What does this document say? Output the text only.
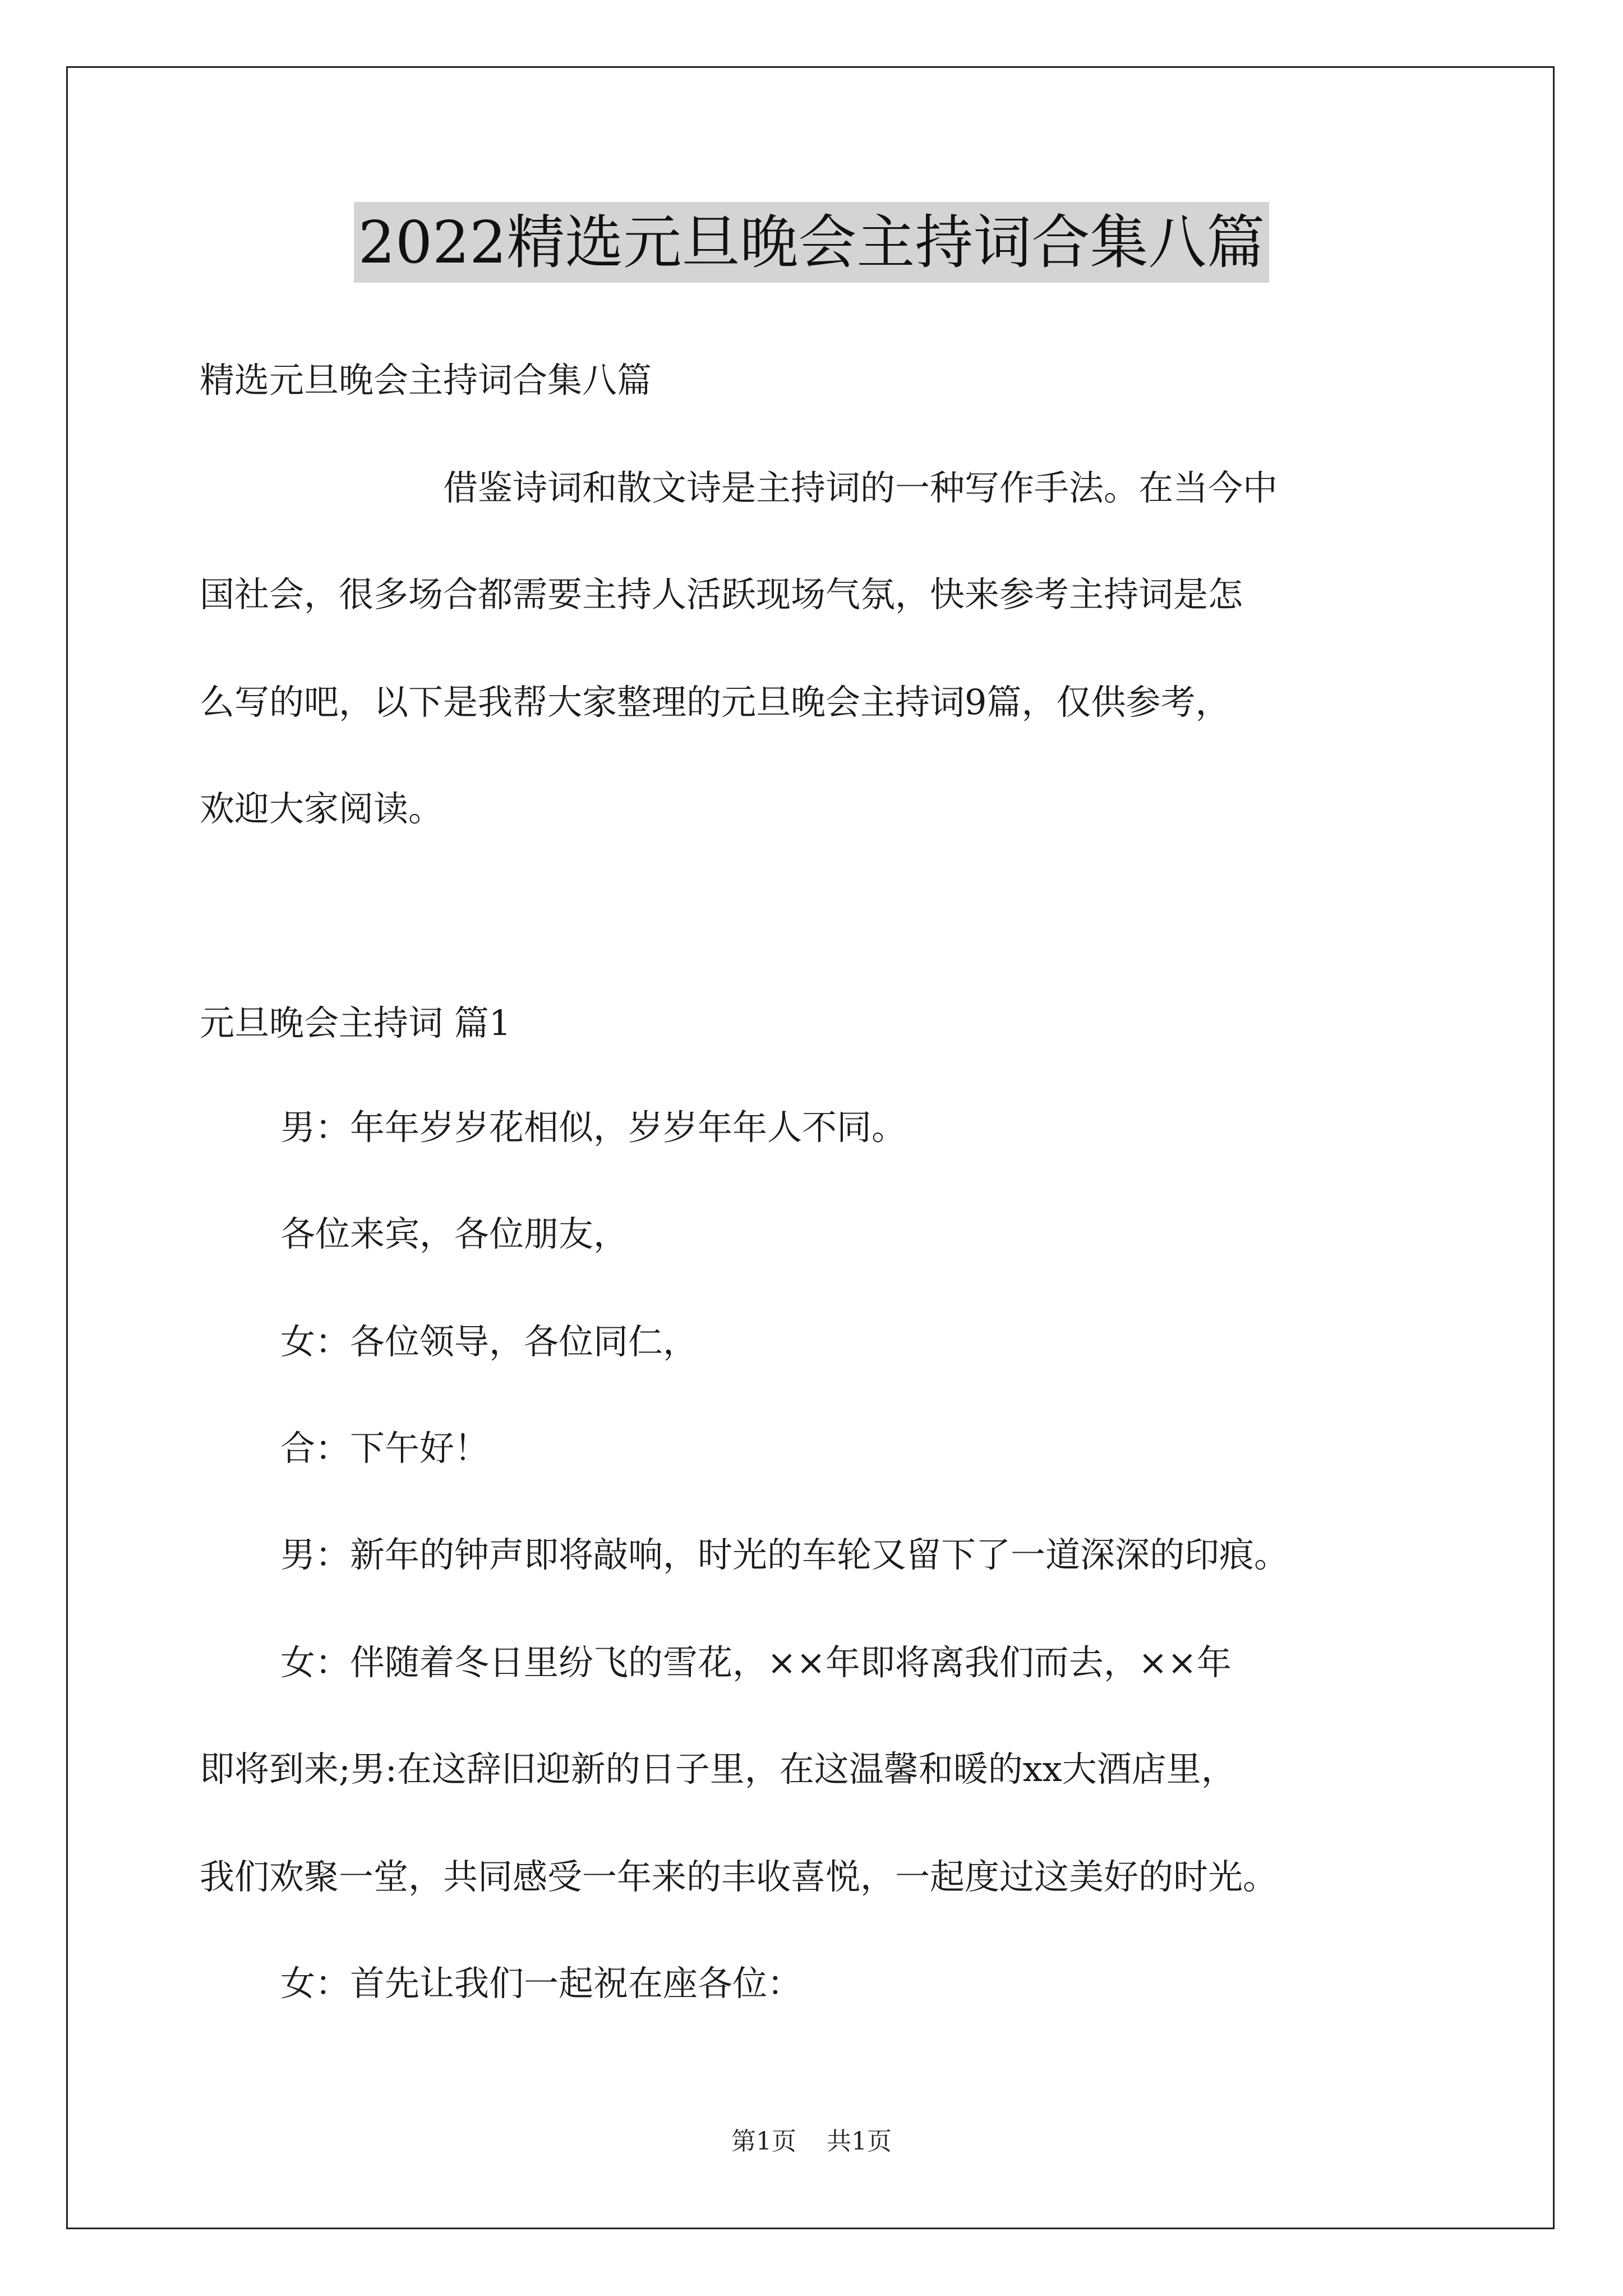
2022精选元旦晚会主持词合集八篇
精选元旦晚会主持词合集八篇
借鉴诗词和散文诗是主持词的一种写作手法。在当今中
国社会，很多场合都需要主持人活跃现场气氛，快来参考主持词是怎
么写的吧，以下是我帮大家整理的元旦晚会主持词9篇，仅供参考，
欢迎大家阅读。
元旦晚会主持词 篇1
男：年年岁岁花相似，岁岁年年人不同。
各位来宾，各位朋友，
女：各位领导，各位同仁，
合：下午好！
男：新年的钟声即将敲响，时光的车轮又留下了一道深深的印痕。
女：伴随着冬日里纷飞的雪花，××年即将离我们而去，××年
即将到来;男:在这辞旧迎新的日子里，在这温馨和暖的xx大酒店里，
我们欢聚一堂，共同感受一年来的丰收喜悦，一起度过这美好的时光。
女：首先让我们一起祝在座各位：
第1页 共1页
